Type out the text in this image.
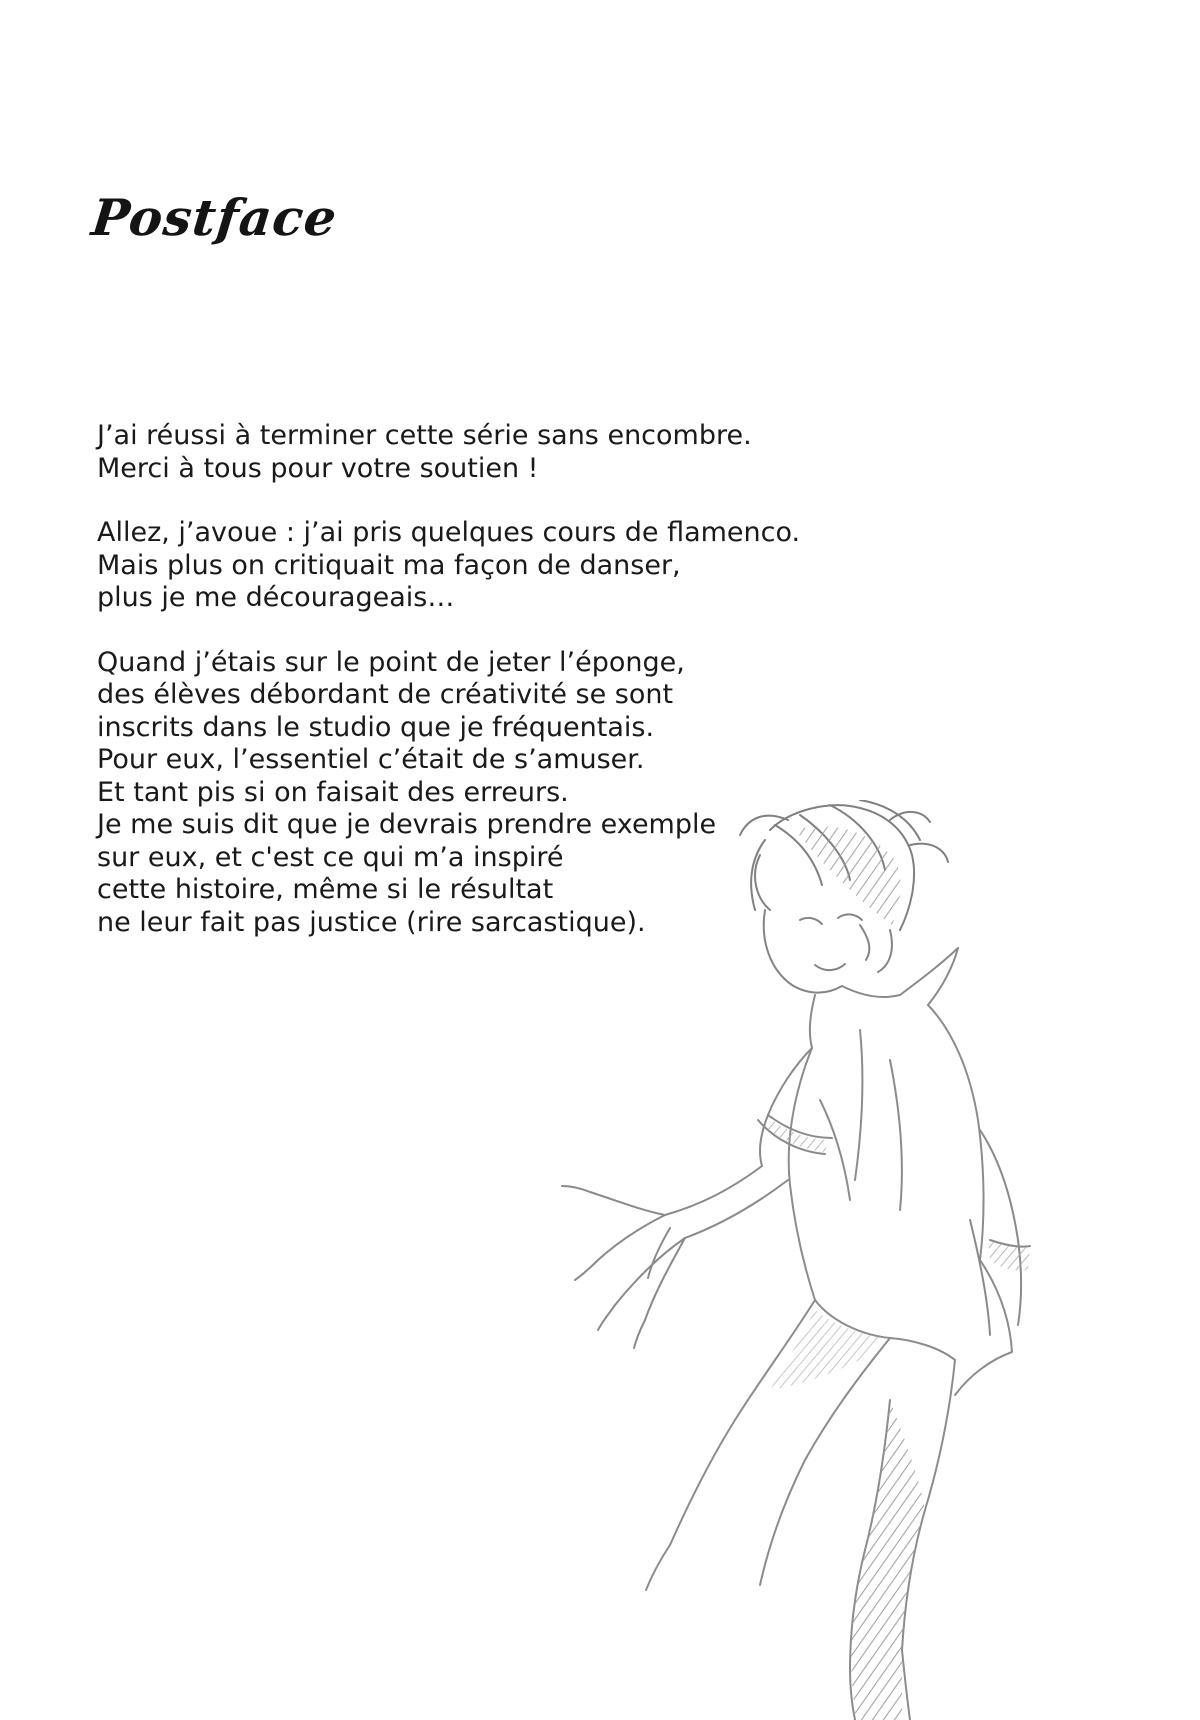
Postface

J’ai réussi à terminer cette série sans encombre.
Merci à tous pour votre soutien !

Allez, j’avoue : j’ai pris quelques cours de flamenco.
Mais plus on critiquait ma façon de danser,
plus je me décourageais…

Quand j’étais sur le point de jeter l’éponge,
des élèves débordant de créativité se sont
inscrits dans le studio que je fréquentais.
Pour eux, l’essentiel c’était de s’amuser.
Et tant pis si on faisait des erreurs.
Je me suis dit que je devrais prendre exemple
sur eux, et c'est ce qui m’a inspiré
cette histoire, même si le résultat
ne leur fait pas justice (rire sarcastique).
